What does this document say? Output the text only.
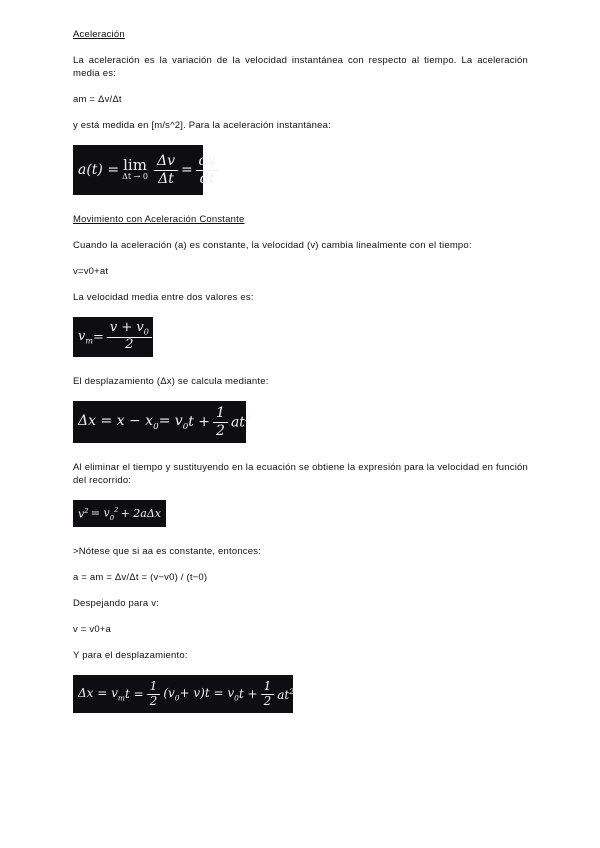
Aceleración
La aceleración es la variación de la velocidad instantánea con respecto al tiempo. La aceleración media es:
am = Δv/Δt
y está medida en [m/s^2]. Para la aceleración instantánea:
a(t) = lim
$\Delta t \to 0 \frac{\Delta v}{\Delta t} = \frac{dv}{dt}$
Movimiento con Aceleración Constante
Cuando la aceleración (a) es constante, la velocidad (v) cambia linealmente con el tiempo:
v=v0+at
La velocidad media entre dos valores es:
$v_m = \frac{v + v_0}{2}$
El desplazamiento (Δx) se calcula mediante:
$\Delta x = x - x_0 = v_0$ $t + \frac{1}{2} at^2$
Al eliminar el tiempo y sustituyendo en la ecuación se obtiene la expresión para la velocidad en función del recorrido:
$v^2 = v_0^2 + 2a\Delta x$
>Nótese que si aa es constante, entonces:
a = am = Δv/Δt = (v−v0) / (t−0)
Despejando para v:
v = v0+a
Y para el desplazamiento:
$\Delta x = v_m$ $t = \frac{1}{2} (v_0 + v)t = v_0$ $t + \frac{1}{2} at^2$
